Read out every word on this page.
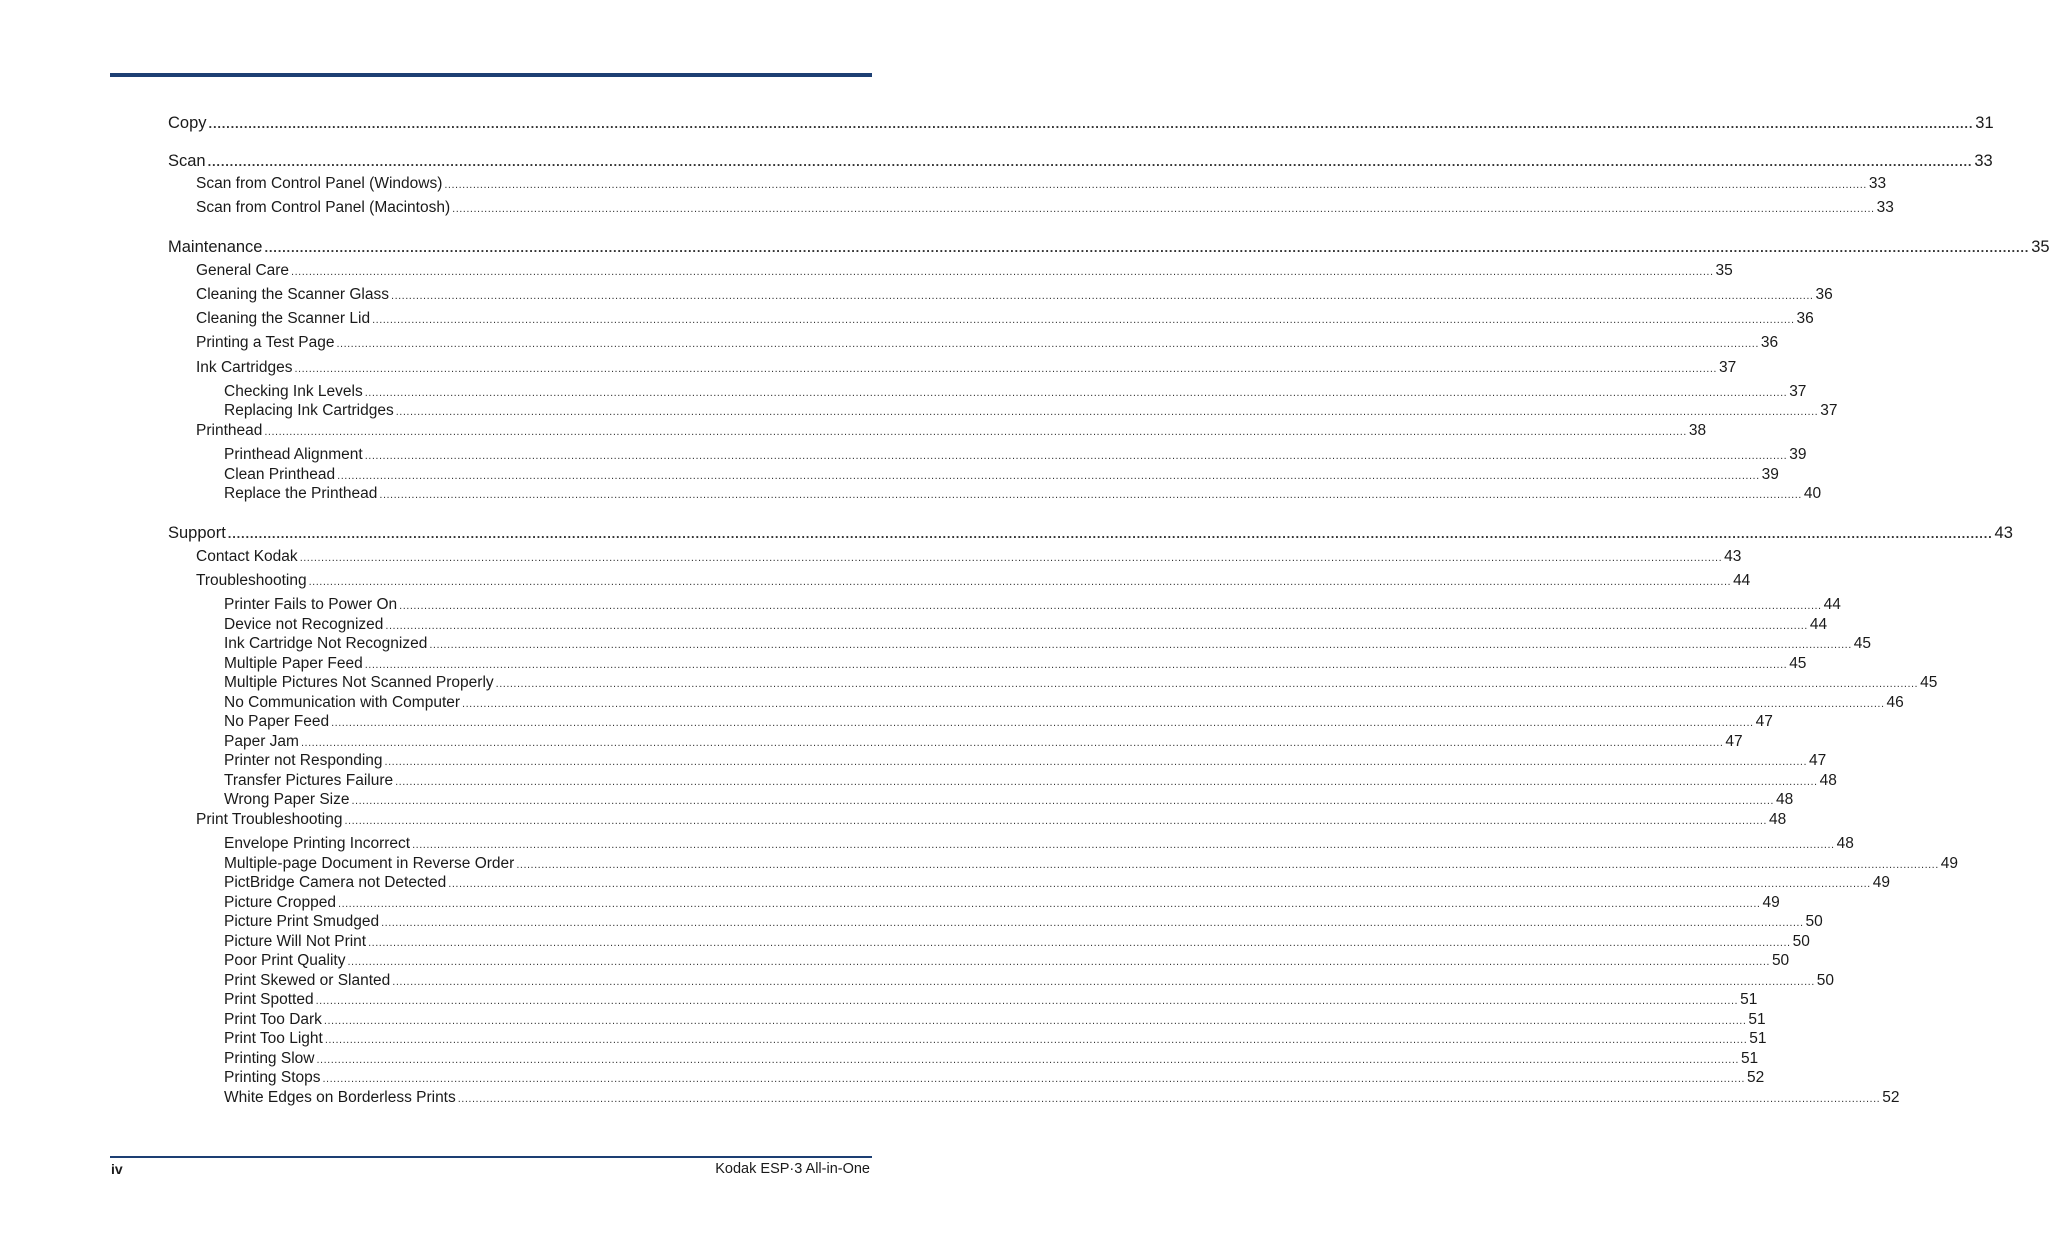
Copy ................................................................................................................................................................................................................................................................................................................................................................................................................ 31
Scan ................................................................................................................................................................................................................................................................................................................................................................................................................ 33
Scan from Control Panel (Windows) ................................................................................................................................................................................................................................................................................................................................................................................................................ 33
Scan from Control Panel (Macintosh) ................................................................................................................................................................................................................................................................................................................................................................................................................ 33
Maintenance ................................................................................................................................................................................................................................................................................................................................................................................................................ 35
General Care ................................................................................................................................................................................................................................................................................................................................................................................................................ 35
Cleaning the Scanner Glass ................................................................................................................................................................................................................................................................................................................................................................................................................ 36
Cleaning the Scanner Lid ................................................................................................................................................................................................................................................................................................................................................................................................................ 36
Printing a Test Page ................................................................................................................................................................................................................................................................................................................................................................................................................ 36
Ink Cartridges ................................................................................................................................................................................................................................................................................................................................................................................................................ 37
Checking Ink Levels ................................................................................................................................................................................................................................................................................................................................................................................................................ 37
Replacing Ink Cartridges ................................................................................................................................................................................................................................................................................................................................................................................................................ 37
Printhead ................................................................................................................................................................................................................................................................................................................................................................................................................ 38
Printhead Alignment ................................................................................................................................................................................................................................................................................................................................................................................................................ 39
Clean Printhead ................................................................................................................................................................................................................................................................................................................................................................................................................ 39
Replace the Printhead ................................................................................................................................................................................................................................................................................................................................................................................................................ 40
Support ................................................................................................................................................................................................................................................................................................................................................................................................................ 43
Contact Kodak ................................................................................................................................................................................................................................................................................................................................................................................................................ 43
Troubleshooting ................................................................................................................................................................................................................................................................................................................................................................................................................ 44
Printer Fails to Power On ................................................................................................................................................................................................................................................................................................................................................................................................................ 44
Device not Recognized ................................................................................................................................................................................................................................................................................................................................................................................................................ 44
Ink Cartridge Not Recognized ................................................................................................................................................................................................................................................................................................................................................................................................................ 45
Multiple Paper Feed ................................................................................................................................................................................................................................................................................................................................................................................................................ 45
Multiple Pictures Not Scanned Properly ................................................................................................................................................................................................................................................................................................................................................................................................................ 45
No Communication with Computer ................................................................................................................................................................................................................................................................................................................................................................................................................ 46
No Paper Feed ................................................................................................................................................................................................................................................................................................................................................................................................................ 47
Paper Jam ................................................................................................................................................................................................................................................................................................................................................................................................................ 47
Printer not Responding ................................................................................................................................................................................................................................................................................................................................................................................................................ 47
Transfer Pictures Failure ................................................................................................................................................................................................................................................................................................................................................................................................................ 48
Wrong Paper Size ................................................................................................................................................................................................................................................................................................................................................................................................................ 48
Print Troubleshooting ................................................................................................................................................................................................................................................................................................................................................................................................................ 48
Envelope Printing Incorrect ................................................................................................................................................................................................................................................................................................................................................................................................................ 48
Multiple-page Document in Reverse Order ................................................................................................................................................................................................................................................................................................................................................................................................................ 49
PictBridge Camera not Detected ................................................................................................................................................................................................................................................................................................................................................................................................................ 49
Picture Cropped ................................................................................................................................................................................................................................................................................................................................................................................................................ 49
Picture Print Smudged ................................................................................................................................................................................................................................................................................................................................................................................................................ 50
Picture Will Not Print ................................................................................................................................................................................................................................................................................................................................................................................................................ 50
Poor Print Quality ................................................................................................................................................................................................................................................................................................................................................................................................................ 50
Print Skewed or Slanted ................................................................................................................................................................................................................................................................................................................................................................................................................ 50
Print Spotted ................................................................................................................................................................................................................................................................................................................................................................................................................ 51
Print Too Dark ................................................................................................................................................................................................................................................................................................................................................................................................................ 51
Print Too Light ................................................................................................................................................................................................................................................................................................................................................................................................................ 51
Printing Slow ................................................................................................................................................................................................................................................................................................................................................................................................................ 51
Printing Stops ................................................................................................................................................................................................................................................................................................................................................................................................................ 52
White Edges on Borderless Prints ................................................................................................................................................................................................................................................................................................................................................................................................................ 52
iv	Kodak ESP·3 All-in-One
